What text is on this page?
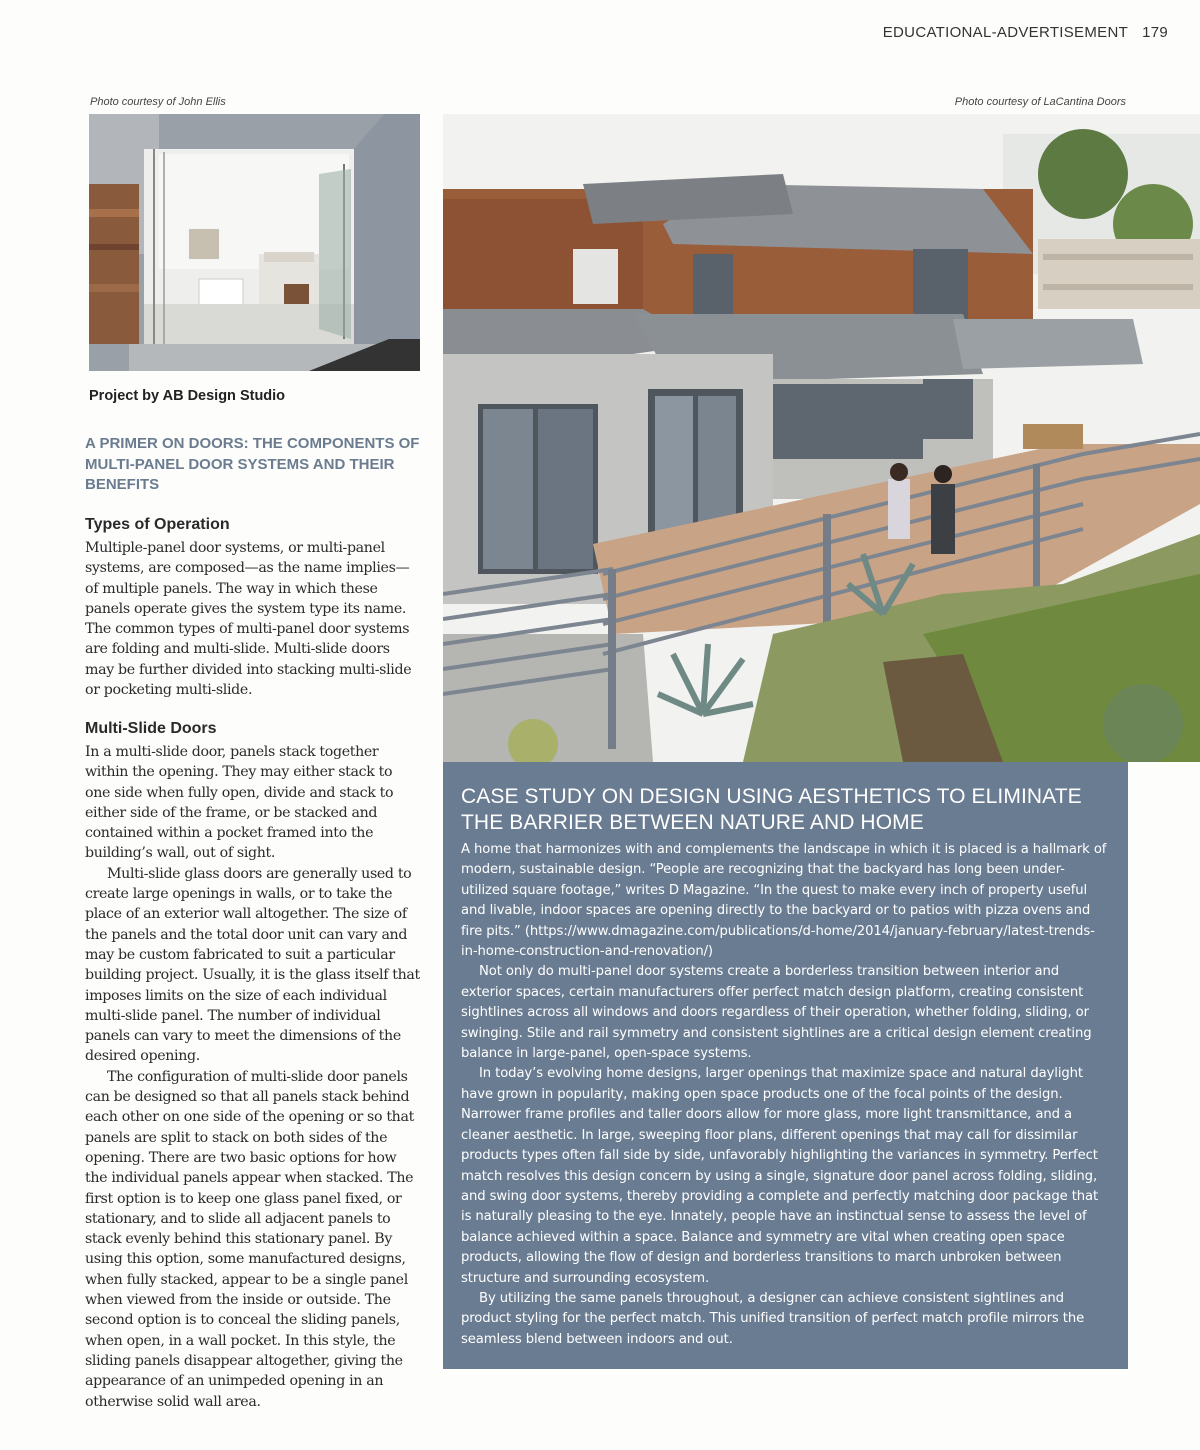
EDUCATIONAL-ADVERTISEMENT 179
Photo courtesy of John Ellis	Photo courtesy of LaCantina Doors
Project by AB Design Studio
A PRIMER ON DOORS: THE COMPONENTS OF MULTI-PANEL DOOR SYSTEMS AND THEIR BENEFITS
Types of Operation

Multiple-panel door systems, or multi-panel systems, are composed—as the name implies—of multiple panels. The way in which these panels operate gives the system type its name. The common types of multi-panel door systems are folding and multi-slide. Multi-slide doors may be further divided into stacking multi-slide or pocketing multi-slide.

Multi-Slide Doors

In a multi-slide door, panels stack together within the opening. They may either stack to one side when fully open, divide and stack to either side of the frame, or be stacked and contained within a pocket framed into the building’s wall, out of sight.

Multi-slide glass doors are generally used to create large openings in walls, or to take the place of an exterior wall altogether. The size of the panels and the total door unit can vary and may be custom fabricated to suit a particular building project. Usually, it is the glass itself that imposes limits on the size of each individual multi-slide panel. The number of individual panels can vary to meet the dimensions of the desired opening.

The configuration of multi-slide door panels can be designed so that all panels stack behind each other on one side of the opening or so that panels are split to stack on both sides of the opening. There are two basic options for how the individual panels appear when stacked. The first option is to keep one glass panel fixed, or stationary, and to slide all adjacent panels to stack evenly behind this stationary panel. By using this option, some manufactured designs, when fully stacked, appear to be a single panel when viewed from the inside or outside. The second option is to conceal the sliding panels, when open, in a wall pocket. In this style, the sliding panels disappear altogether, giving the appearance of an unimpeded opening in an otherwise solid wall area.

CASE STUDY ON DESIGN USING AESTHETICS TO ELIMINATE THE BARRIER BETWEEN NATURE AND HOME

A home that harmonizes with and complements the landscape in which it is placed is a hallmark of modern, sustainable design. “People are recognizing that the backyard has long been under-utilized square footage,” writes D Magazine. “In the quest to make every inch of property useful and livable, indoor spaces are opening directly to the backyard or to patios with pizza ovens and fire pits.” (https://www.dmagazine.com/publications/d-home/2014/january-february/latest-trends-in-home-construction-and-renovation/)

Not only do multi-panel door systems create a borderless transition between interior and exterior spaces, certain manufacturers offer perfect match design platform, creating consistent sightlines across all windows and doors regardless of their operation, whether folding, sliding, or swinging. Stile and rail symmetry and consistent sightlines are a critical design element creating balance in large-panel, open-space systems.

In today’s evolving home designs, larger openings that maximize space and natural daylight have grown in popularity, making open space products one of the focal points of the design. Narrower frame profiles and taller doors allow for more glass, more light transmittance, and a cleaner aesthetic. In large, sweeping floor plans, different openings that may call for dissimilar products types often fall side by side, unfavorably highlighting the variances in symmetry. Perfect match resolves this design concern by using a single, signature door panel across folding, sliding, and swing door systems, thereby providing a complete and perfectly matching door package that is naturally pleasing to the eye. Innately, people have an instinctual sense to assess the level of balance achieved within a space. Balance and symmetry are vital when creating open space products, allowing the flow of design and borderless transitions to march unbroken between structure and surrounding ecosystem.

By utilizing the same panels throughout, a designer can achieve consistent sightlines and product styling for the perfect match. This unified transition of perfect match profile mirrors the seamless blend between indoors and out.
